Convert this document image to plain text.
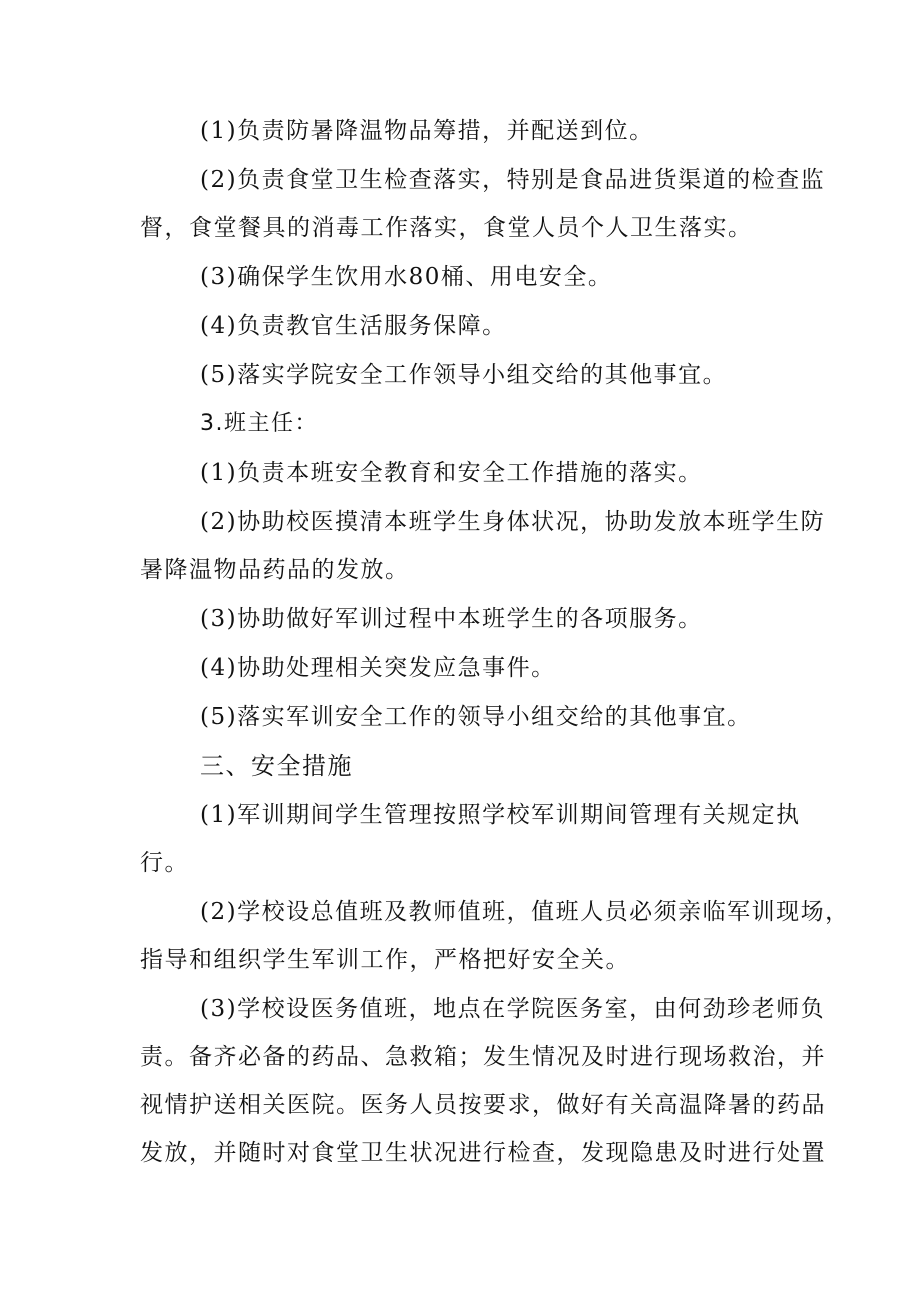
(1)负责防暑降温物品筹措，并配送到位。
(2)负责食堂卫生检查落实，特别是食品进货渠道的检查监
督，食堂餐具的消毒工作落实，食堂人员个人卫生落实。
(3)确保学生饮用水80桶、用电安全。
(4)负责教官生活服务保障。
(5)落实学院安全工作领导小组交给的其他事宜。
3.班主任：
(1)负责本班安全教育和安全工作措施的落实。
(2)协助校医摸清本班学生身体状况，协助发放本班学生防
暑降温物品药品的发放。
(3)协助做好军训过程中本班学生的各项服务。
(4)协助处理相关突发应急事件。
(5)落实军训安全工作的领导小组交给的其他事宜。
三、安全措施
(1)军训期间学生管理按照学校军训期间管理有关规定执
行。
(2)学校设总值班及教师值班，值班人员必须亲临军训现场，
指导和组织学生军训工作，严格把好安全关。
(3)学校设医务值班，地点在学院医务室，由何劲珍老师负
责。备齐必备的药品、急救箱；发生情况及时进行现场救治，并
视情护送相关医院。医务人员按要求，做好有关高温降暑的药品
发放，并随时对食堂卫生状况进行检查，发现隐患及时进行处置
